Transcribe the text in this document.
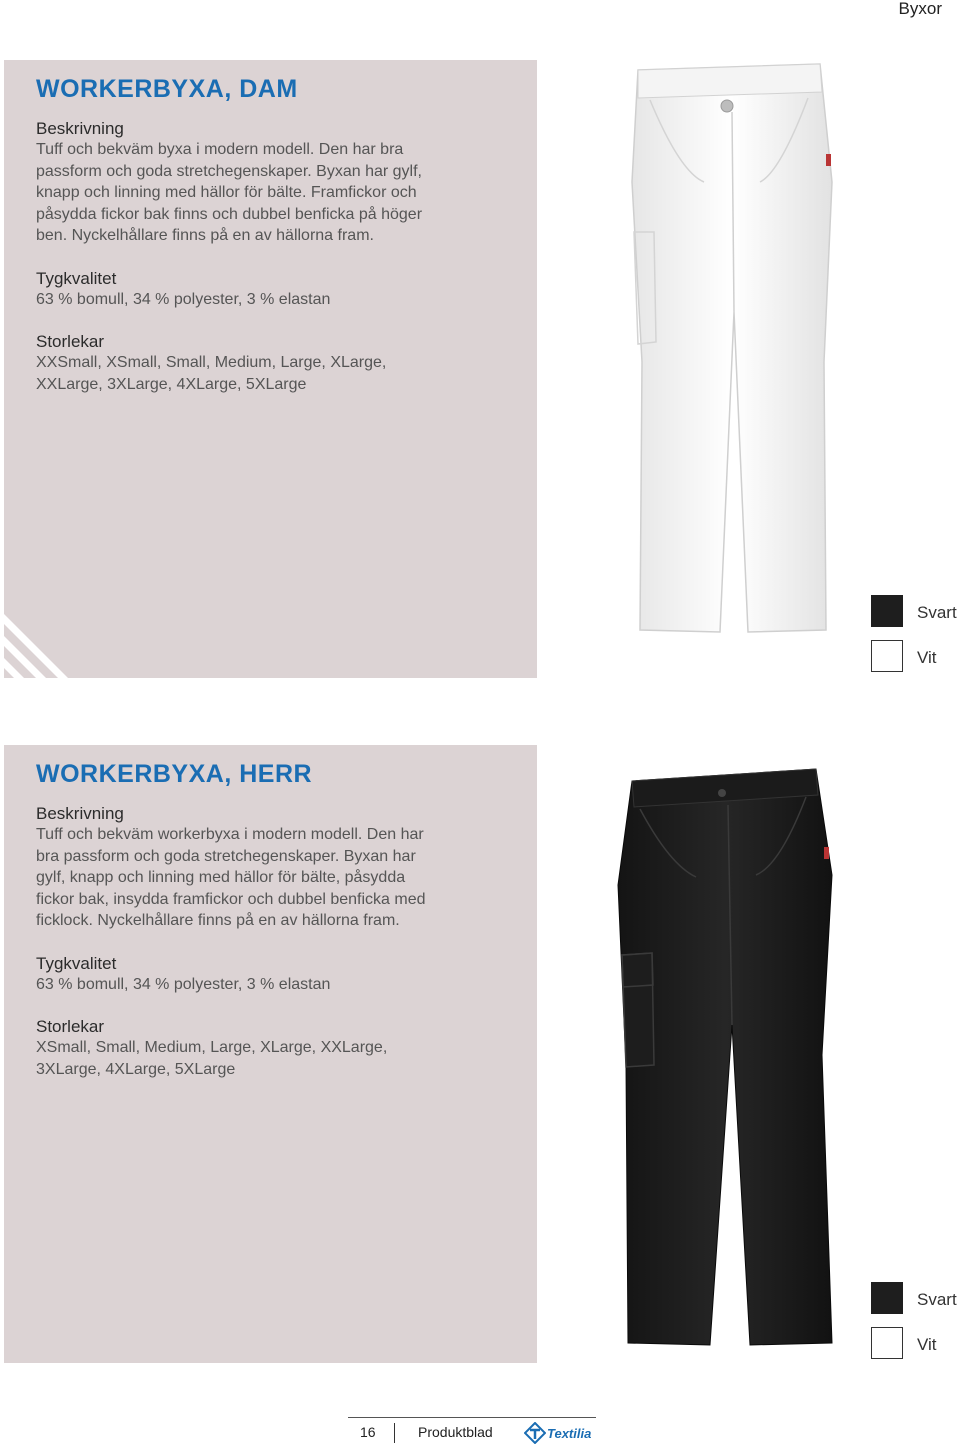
Byxor
WORKERBYXA, DAM
Beskrivning
Tuff och bekväm byxa i modern modell. Den har bra
passform och goda stretchegenskaper. Byxan har gylf,
knapp och linning med hällor för bälte. Framfickor och
påsydda fickor bak finns och dubbel benficka på höger
ben. Nyckelhållare finns på en av hällorna fram.
Tygkvalitet
63 % bomull, 34 % polyester, 3 % elastan
Storlekar
XXSmall, XSmall, Small, Medium, Large, XLarge,
XXLarge, 3XLarge, 4XLarge, 5XLarge
Svart
Vit
WORKERBYXA, HERR
Beskrivning
Tuff och bekväm workerbyxa i modern modell. Den har
bra passform och goda stretchegenskaper. Byxan har
gylf, knapp och linning med hällor för bälte, påsydda
fickor bak, insydda framfickor och dubbel benficka med
ficklock. Nyckelhållare finns på en av hällorna fram.
Tygkvalitet
63 % bomull, 34 % polyester, 3 % elastan
Storlekar
XSmall, Small, Medium, Large, XLarge, XXLarge,
3XLarge, 4XLarge, 5XLarge
Svart
Vit
16	Produktblad	Textilia
